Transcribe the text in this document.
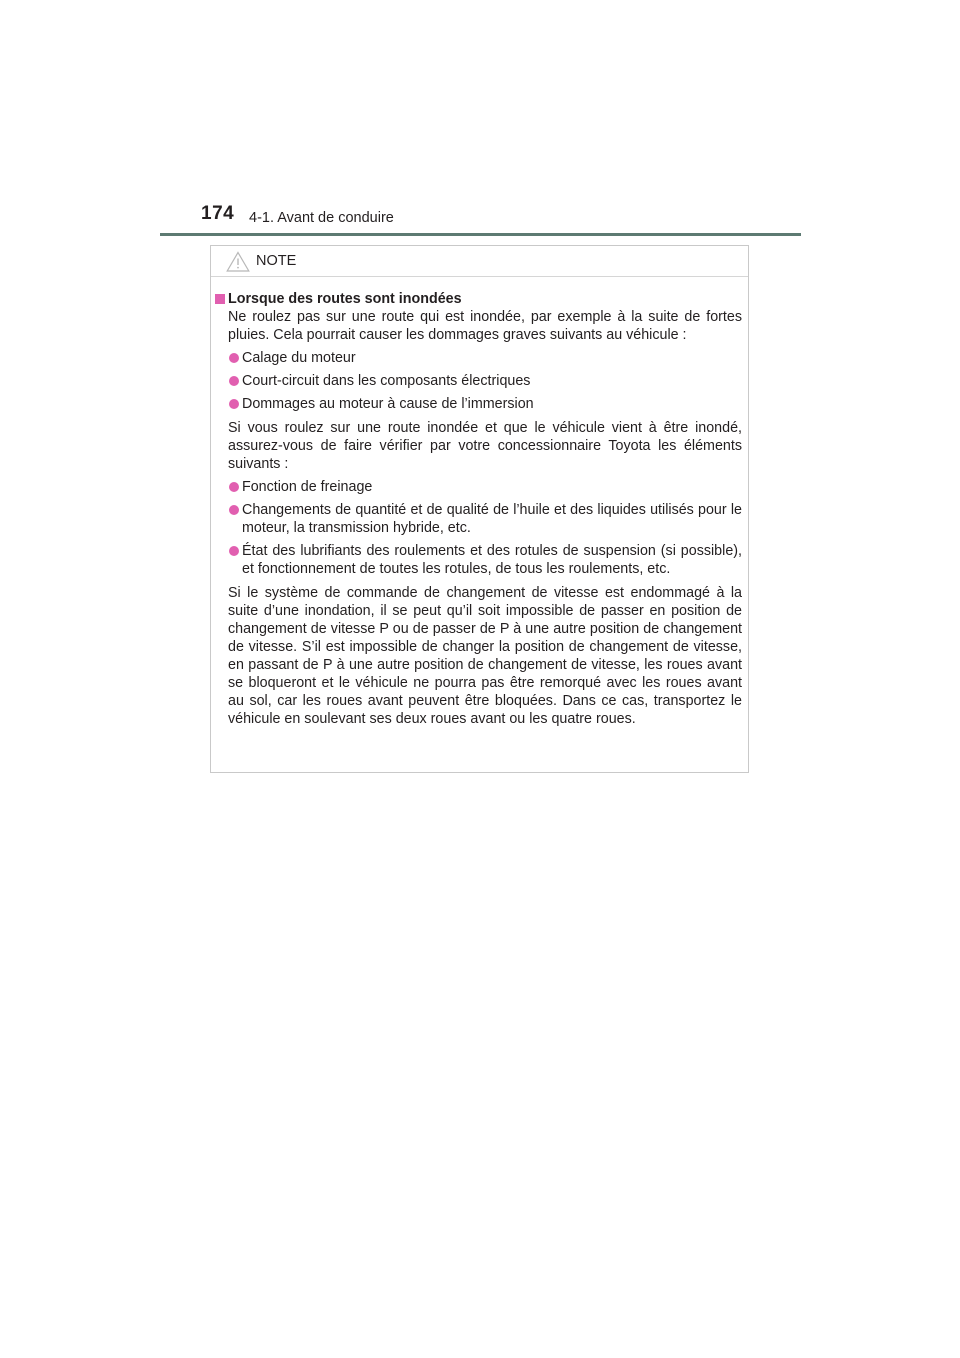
174 4-1. Avant de conduire
NOTE
Lorsque des routes sont inondées
Ne roulez pas sur une route qui est inondée, par exemple à la suite de fortes pluies. Cela pourrait causer les dommages graves suivants au véhicule :
Calage du moteur
Court-circuit dans les composants électriques
Dommages au moteur à cause de l’immersion
Si vous roulez sur une route inondée et que le véhicule vient à être inondé, assurez-vous de faire vérifier par votre concessionnaire Toyota les éléments suivants :
Fonction de freinage
Changements de quantité et de qualité de l’huile et des liquides utilisés pour le moteur, la transmission hybride, etc.
État des lubrifiants des roulements et des rotules de suspension (si possible), et fonctionnement de toutes les rotules, de tous les roulements, etc.
Si le système de commande de changement de vitesse est endommagé à la suite d’une inondation, il se peut qu’il soit impossible de passer en position de changement de vitesse P ou de passer de P à une autre position de changement de vitesse. S’il est impossible de changer la position de changement de vitesse, en passant de P à une autre position de changement de vitesse, les roues avant se bloqueront et le véhicule ne pourra pas être remorqué avec les roues avant au sol, car les roues avant peuvent être bloquées. Dans ce cas, transportez le véhicule en soulevant ses deux roues avant ou les quatre roues.
